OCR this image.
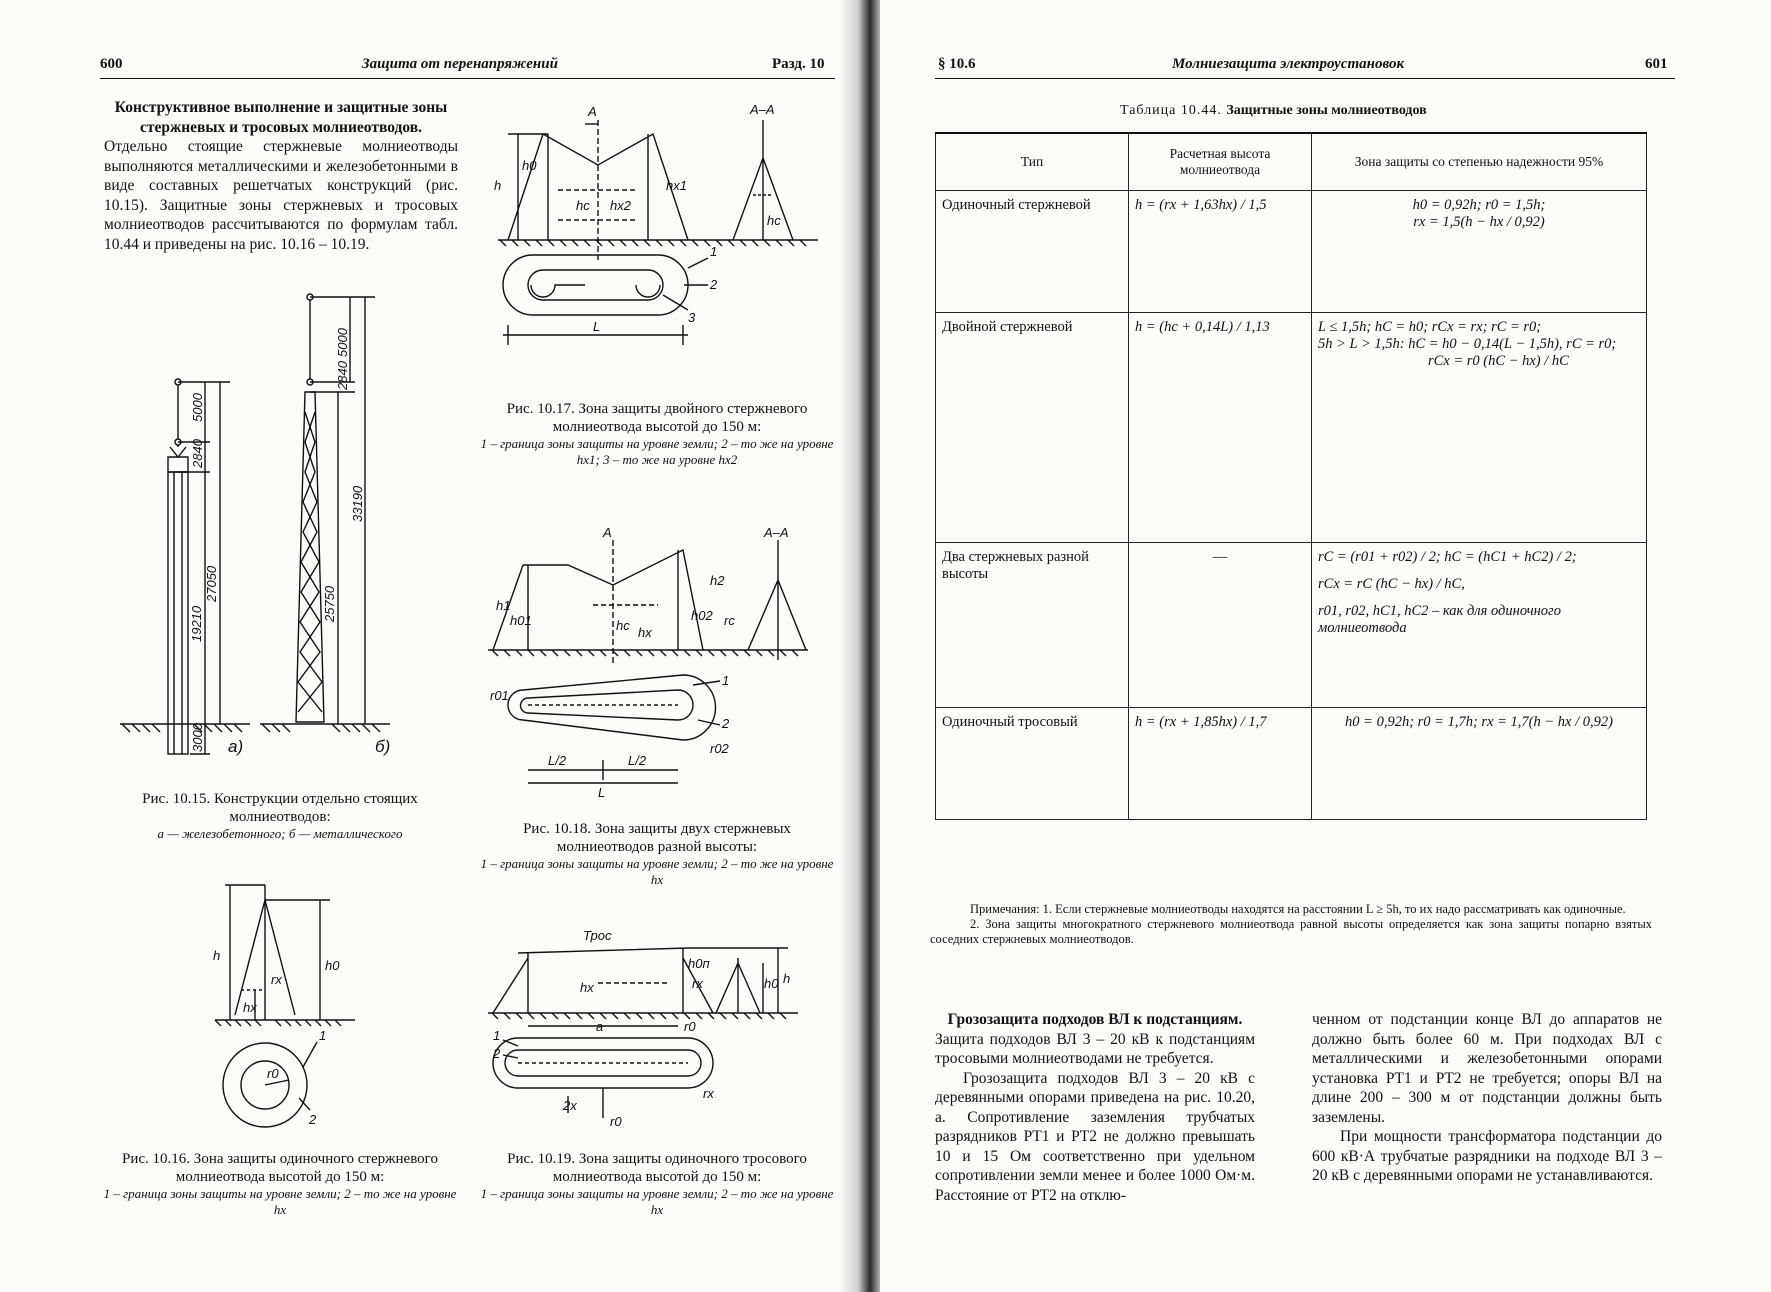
600	Защита от перенапряжений	Разд. 10
Конструктивное выполнение и защитные зоны стержневых и тросовых молниеотводов.
Отдельно стоящие стержневые молниеотводы выполняются металлическими и железобетонными в виде составных решетчатых конструкций (рис. 10.15). Защитные зоны стержневых и тросовых молниеотводов рассчитываются по формулам табл. 10.44 и приведены на рис. 10.16 – 10.19.
5000
2840
27050
19210
3000 а)
5000
2840
33190
25750
б)
Рис. 10.15. Конструкции отдельно стоящих молниеотводов:
а — железобетонного; б — металлического
h
h0
hx
rx
r0
1
2
Рис. 10.16. Зона защиты одиночного стержневого молниеотвода высотой до 150 м:
1 – граница зоны защиты на уровне земли; 2 – то же на уровне hx
A	A–A
h
h0
hc hx2
hx1
hc
L
1
2
3
Рис. 10.17. Зона защиты двойного стержневого молниеотвода высотой до 150 м:
1 – граница зоны защиты на уровне земли; 2 – то же на уровне hx1; 3 – то же на уровне hx2
A	A–A
h1
h01	hc hx
h2
h02 rc
L/2	L/2
L
1
2
r01
r02
Рис. 10.18. Зона защиты двух стержневых молниеотводов разной высоты:
1 – граница зоны защиты на уровне земли; 2 – то же на уровне hx
Трос
h0п
rx
hx	h0 h
a	r0
1
2
2x
r0
rx
Рис. 10.19. Зона защиты одиночного тросового молниеотвода высотой до 150 м:
1 – граница зоны защиты на уровне земли; 2 – то же на уровне hx
§ 10.6	Молниезащита электроустановок	601
Таблица 10.44. Защитные зоны молниеотводов
Тип	Расчетная высота молниеотвода	Зона защиты со степенью надежности 95%
Одиночный стержневой	h = (rx + 1,63hx) / 1,5	h0 = 0,92h; r0 = 1,5h;
rx = 1,5(h − hx / 0,92)

Двойной стержневой	h = (hc + 0,14L) / 1,13	L ≤ 1,5h; hC = h0; rCx = rx; rC = r0;
5h > L > 1,5h: hC = h0 − 0,14(L − 1,5h), rC = r0;
rCx = r0 (hC − hx) / hC

Два стержневых разной высоты	—	rC = (r01 + r02) / 2; hC = (hC1 + hC2) / 2;
rCx = rC (hC − hx) / hC,
r01, r02, hC1, hC2 – как для одиночного молниеотвода

Одиночный тросовый	h = (rx + 1,85hx) / 1,7	h0 = 0,92h; r0 = 1,7h; rx = 1,7(h − hx / 0,92)

Примечания: 1. Если стержневые молниеотводы находятся на расстоянии L ≥ 5h, то их надо рассматривать как одиночные.

2. Зона защиты многократного стержневого молниеотвода равной высоты определяется как зона защиты попарно взятых соседних стержневых молниеотводов.

Грозозащита подходов ВЛ к подстанциям.
Защита подходов ВЛ 3 – 20 кВ к подстанциям тросовыми молниеотводами не требуется.
Грозозащита подходов ВЛ 3 – 20 кВ с деревянными опорами приведена на рис. 10.20, а. Сопротивление заземления трубчатых разрядников PT1 и PT2 не должно превышать 10 и 15 Ом соответственно при удельном сопротивлении земли менее и более 1000 Ом·м. Расстояние от PT2 на отклю-
ченном от подстанции конце ВЛ до аппаратов не должно быть более 60 м. При подходах ВЛ с металлическими и железобетонными опорами установка PT1 и PT2 не требуется; опоры ВЛ на длине 200 – 300 м от подстанции должны быть заземлены.
При мощности трансформатора подстанции до 600 кВ·А трубчатые разрядники на подходе ВЛ 3 – 20 кВ с деревянными опорами не устанавливаются.
